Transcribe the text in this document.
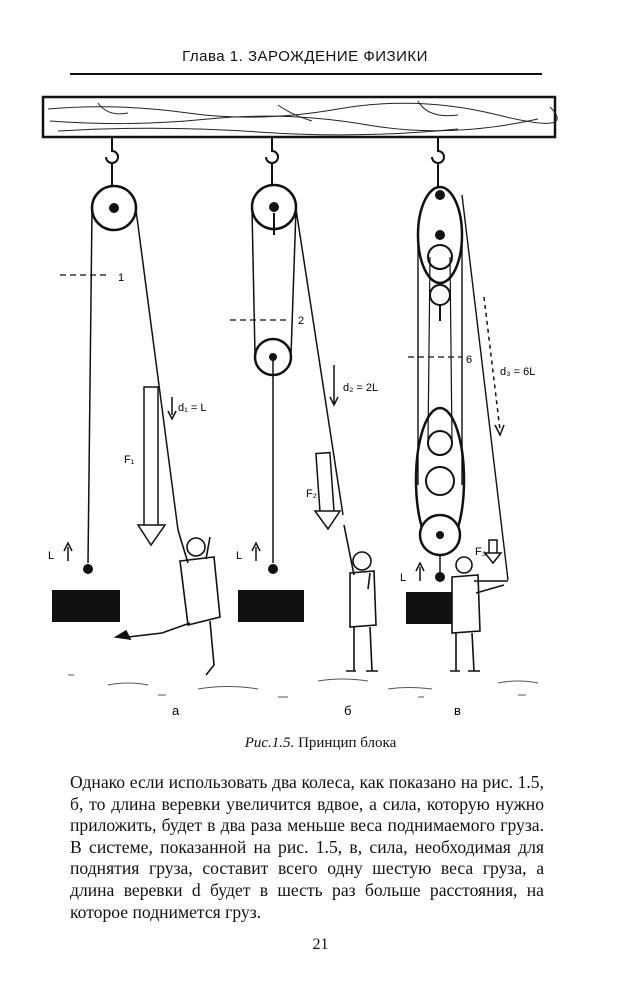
Глава 1. ЗАРОЖДЕНИЕ ФИЗИКИ
1
F₁
d₁ = L
L
а
2
d₂ = 2L
F₂
L
б
6
d₃ = 6L
F₃
L
в
Рис.1.5. Принцип блока

Однако если использовать два колеса, как показано на рис. 1.5, б, то длина веревки увеличится вдвое, а сила, которую нужно приложить, будет в два раза меньше веса поднимаемого груза. В системе, показанной на рис. 1.5, в, сила, необходимая для поднятия груза, составит всего одну шестую веса груза, а длина веревки d будет в шесть раз больше расстояния, на которое поднимется груз.

21
